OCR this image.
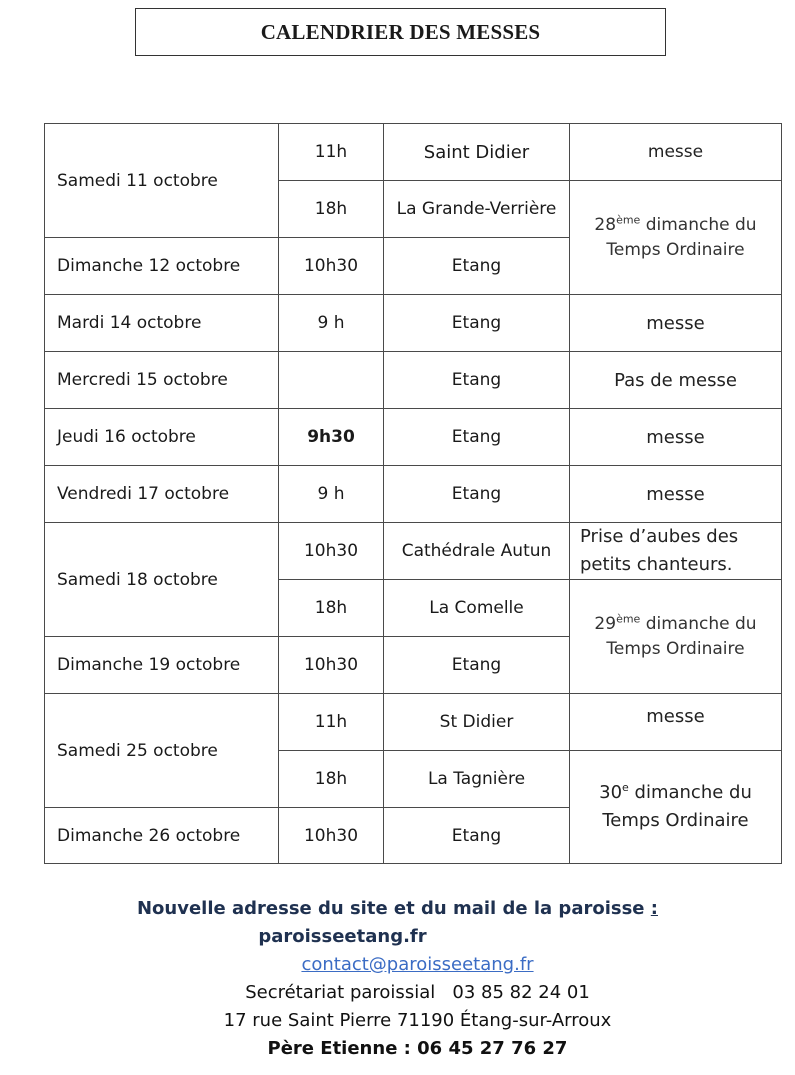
CALENDRIER DES MESSES
Samedi 11 octobre	11h	Saint Didier	messe
	18h	La Grande-Verrière	28ème dimanche du
Temps Ordinaire
Dimanche 12 octobre	10h30	Etang	
Mardi 14 octobre	9 h	Etang	messe
Mercredi 15 octobre		Etang	Pas de messe
Jeudi 16 octobre	9h30	Etang	messe
Vendredi 17 octobre	9 h	Etang	messe
Samedi 18 octobre	10h30	Cathédrale Autun	Prise d’aubes des
petits chanteurs.
	18h	La Comelle	29ème dimanche du
Temps Ordinaire
Dimanche 19 octobre	10h30	Etang	
Samedi 25 octobre	11h	St Didier	messe
	18h	La Tagnière	30e dimanche du
Temps Ordinaire
Dimanche 26 octobre	10h30	Etang	
Nouvelle adresse du site et du mail de la paroisse :
paroisseetang.fr
contact@paroisseetang.fr
Secrétariat paroissial   03 85 82 24 01
17 rue Saint Pierre 71190 Étang-sur-Arroux
Père Etienne : 06 45 27 76 27
